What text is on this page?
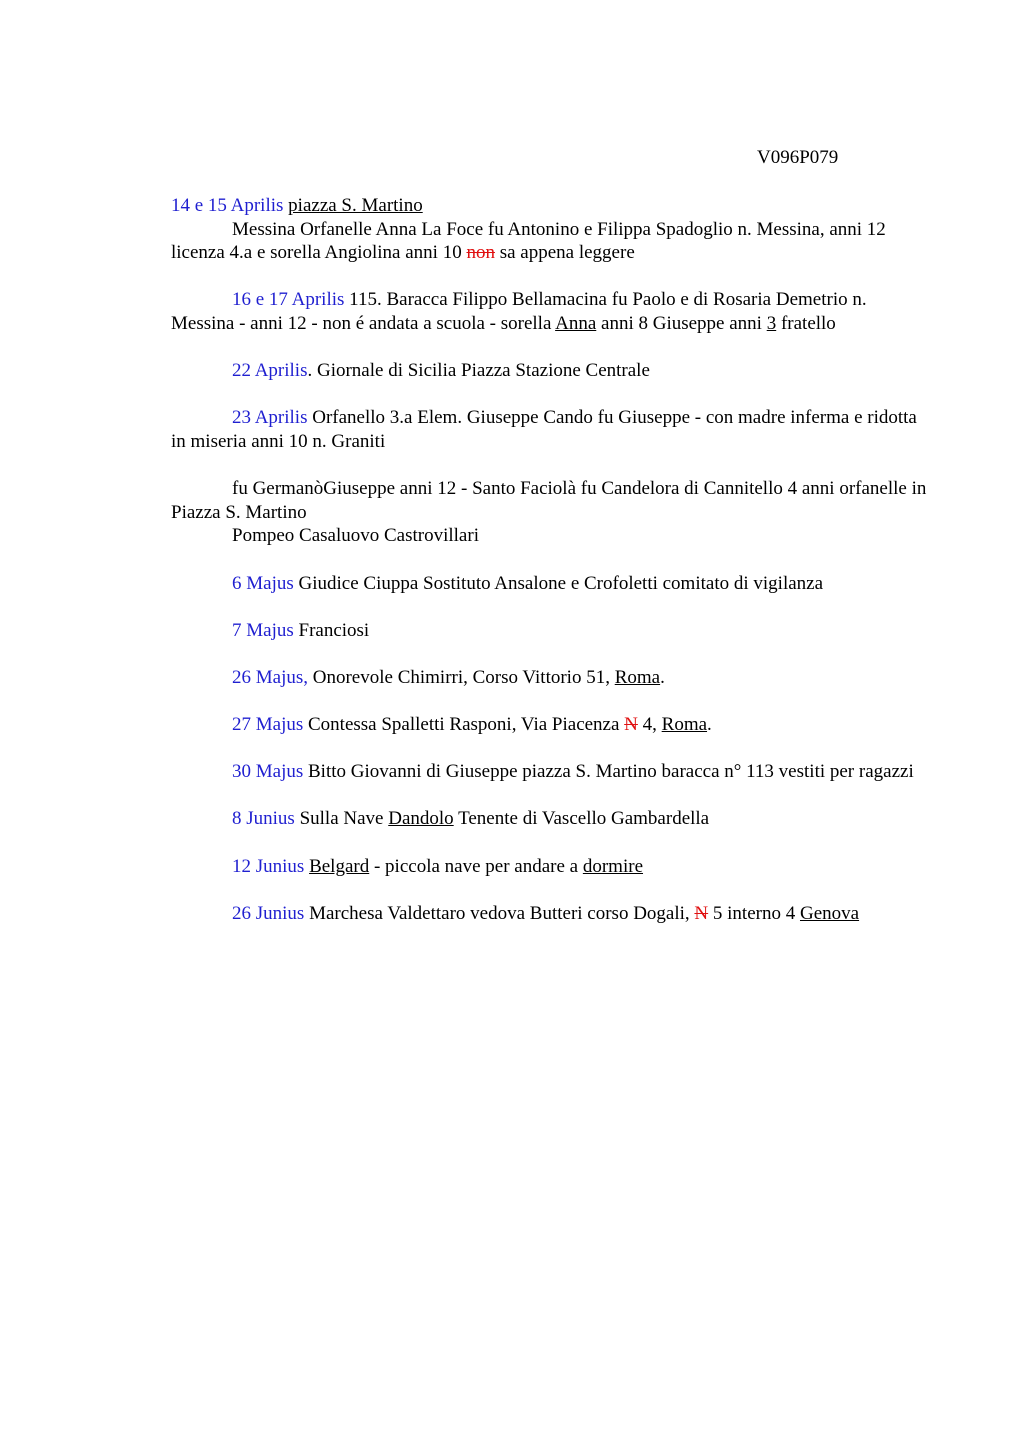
V096P079

14 e 15 Aprilis piazza S. Martino

Messina Orfanelle Anna La Foce fu Antonino e Filippa Spadoglio n. Messina, anni 12 licenza 4.a e sorella Angiolina anni 10 non sa appena leggere

16 e 17 Aprilis 115. Baracca Filippo Bellamacina fu Paolo e di Rosaria Demetrio n. Messina - anni 12 - non é andata a scuola - sorella Anna anni 8 Giuseppe anni 3 fratello

22 Aprilis. Giornale di Sicilia Piazza Stazione Centrale

23 Aprilis Orfanello 3.a Elem. Giuseppe Cando fu Giuseppe - con madre inferma e ridotta in miseria anni 10 n. Graniti

fu GermanòGiuseppe anni 12 - Santo Faciolà fu Candelora di Cannitello 4 anni orfanelle in Piazza S. Martino

Pompeo Casaluovo Castrovillari

6 Majus Giudice Ciuppa Sostituto Ansalone e Crofoletti comitato di vigilanza

7 Majus Franciosi

26 Majus, Onorevole Chimirri, Corso Vittorio 51, Roma.

27 Majus Contessa Spalletti Rasponi, Via Piacenza N 4, Roma.

30 Majus Bitto Giovanni di Giuseppe piazza S. Martino baracca n° 113 vestiti per ragazzi

8 Junius Sulla Nave Dandolo Tenente di Vascello Gambardella

12 Junius Belgard - piccola nave per andare a dormire

26 Junius Marchesa Valdettaro vedova Butteri corso Dogali, N 5 interno 4 Genova
